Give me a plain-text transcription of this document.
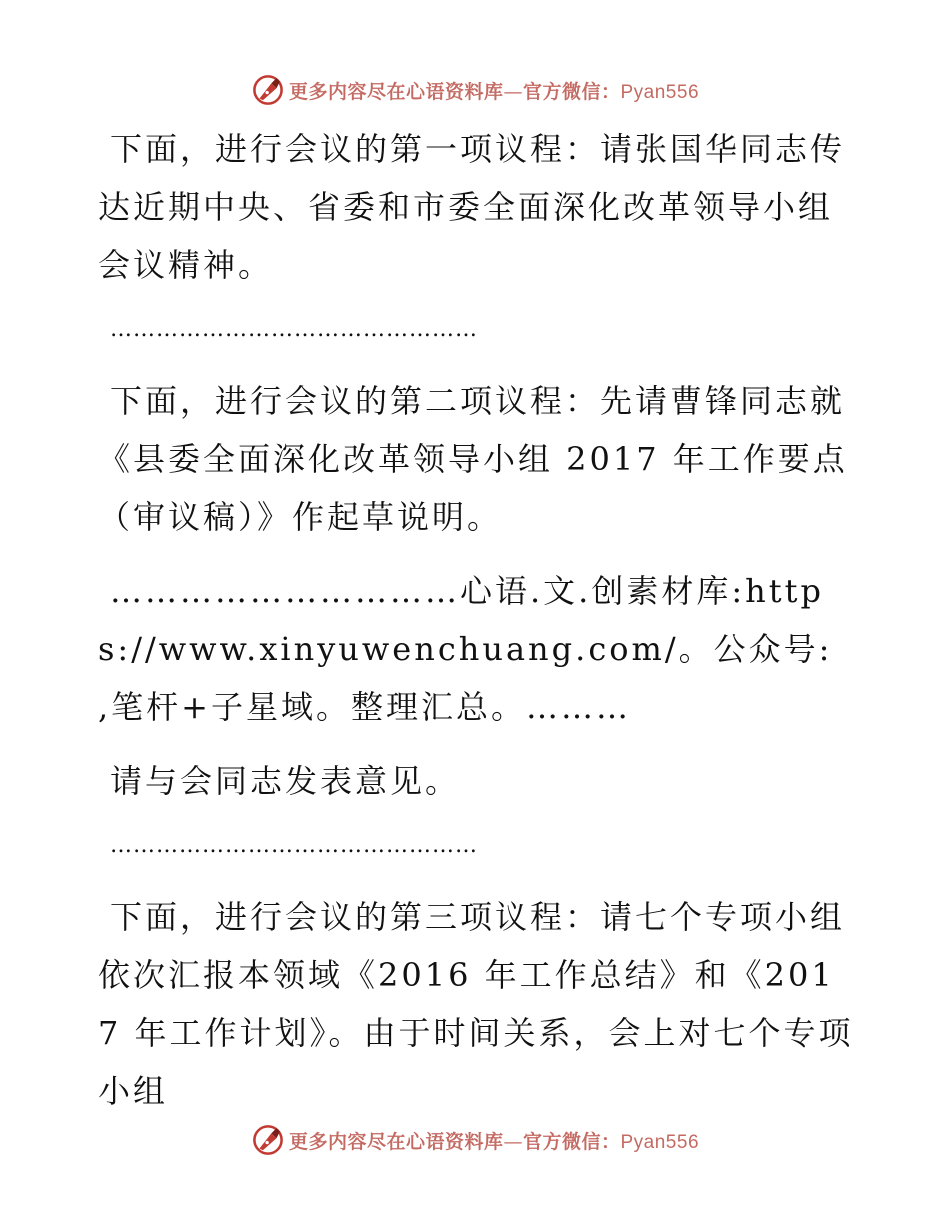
更多内容尽在心语资料库—官方微信：Pyan556

下面，进行会议的第一项议程：请张国华同志传达近期中央、省委和市委全面深化改革领导小组会议精神。

…………………………………………

下面，进行会议的第二项议程：先请曹锋同志就《县委全面深化改革领导小组 2017 年工作要点（审议稿）》作起草说明。

…………………………心语.文.创素材库:https://www.xinyuwenchuang.com/。公众号: ,笔杆+子星域。整理汇总。………

请与会同志发表意见。

…………………………………………

下面，进行会议的第三项议程：请七个专项小组依次汇报本领域《2016 年工作总结》和《2017 年工作计划》。由于时间关系，会上对七个专项小组

更多内容尽在心语资料库—官方微信：Pyan556
